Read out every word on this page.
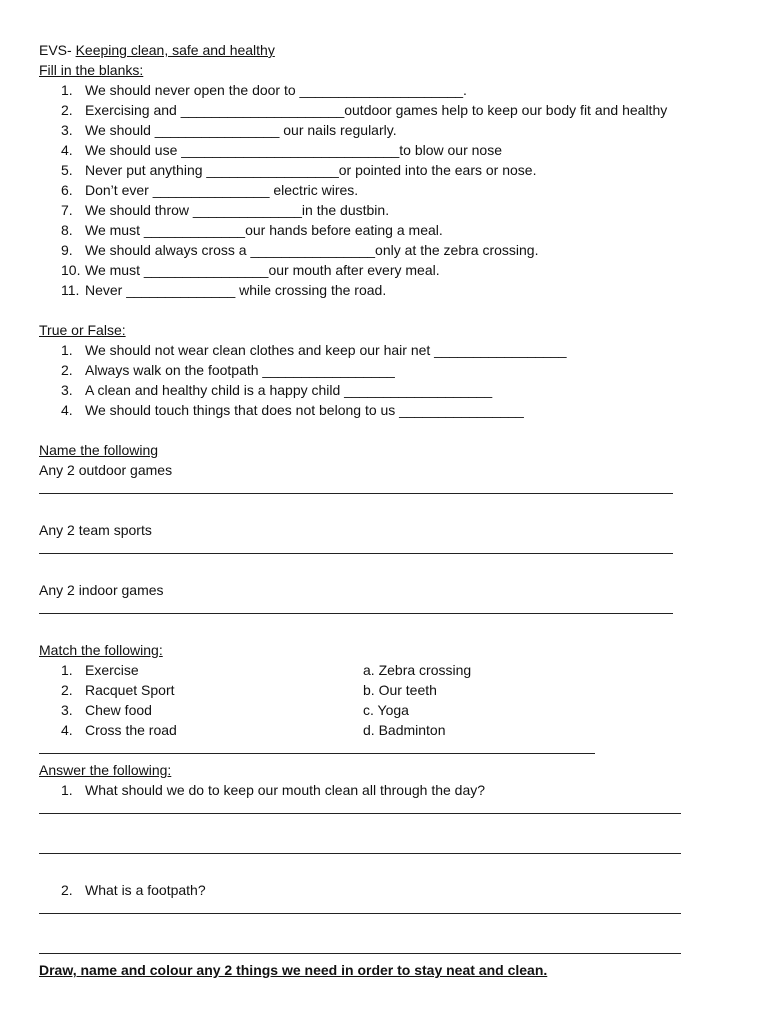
EVS- Keeping clean, safe and healthy
Fill in the blanks:
1. We should never open the door to _____________________.
2. Exercising and _____________________outdoor games help to keep our body fit and healthy
3. We should ________________ our nails regularly.
4. We should use ____________________________to blow our nose
5. Never put anything _________________or pointed into the ears or nose.
6. Don’t ever _______________ electric wires.
7. We should throw ______________in the dustbin.
8. We must _____________our hands before eating a meal.
9. We should always cross a ________________only at the zebra crossing.
10. We must ________________our mouth after every meal.
11. Never ______________ while crossing the road.
True or False:
1. We should not wear clean clothes and keep our hair net _________________
2. Always walk on the footpath _________________
3. A clean and healthy child is a happy child ___________________
4. We should touch things that does not belong to us ________________
Name the following
Any 2 outdoor games
Any 2 team sports
Any 2 indoor games
Match the following:
1. Exercise	a. Zebra crossing
2. Racquet Sport	b. Our teeth
3. Chew food	c. Yoga
4. Cross the road	d. Badminton
Answer the following:
1. What should we do to keep our mouth clean all through the day?
2. What is a footpath?
Draw, name and colour any 2 things we need in order to stay neat and clean.
